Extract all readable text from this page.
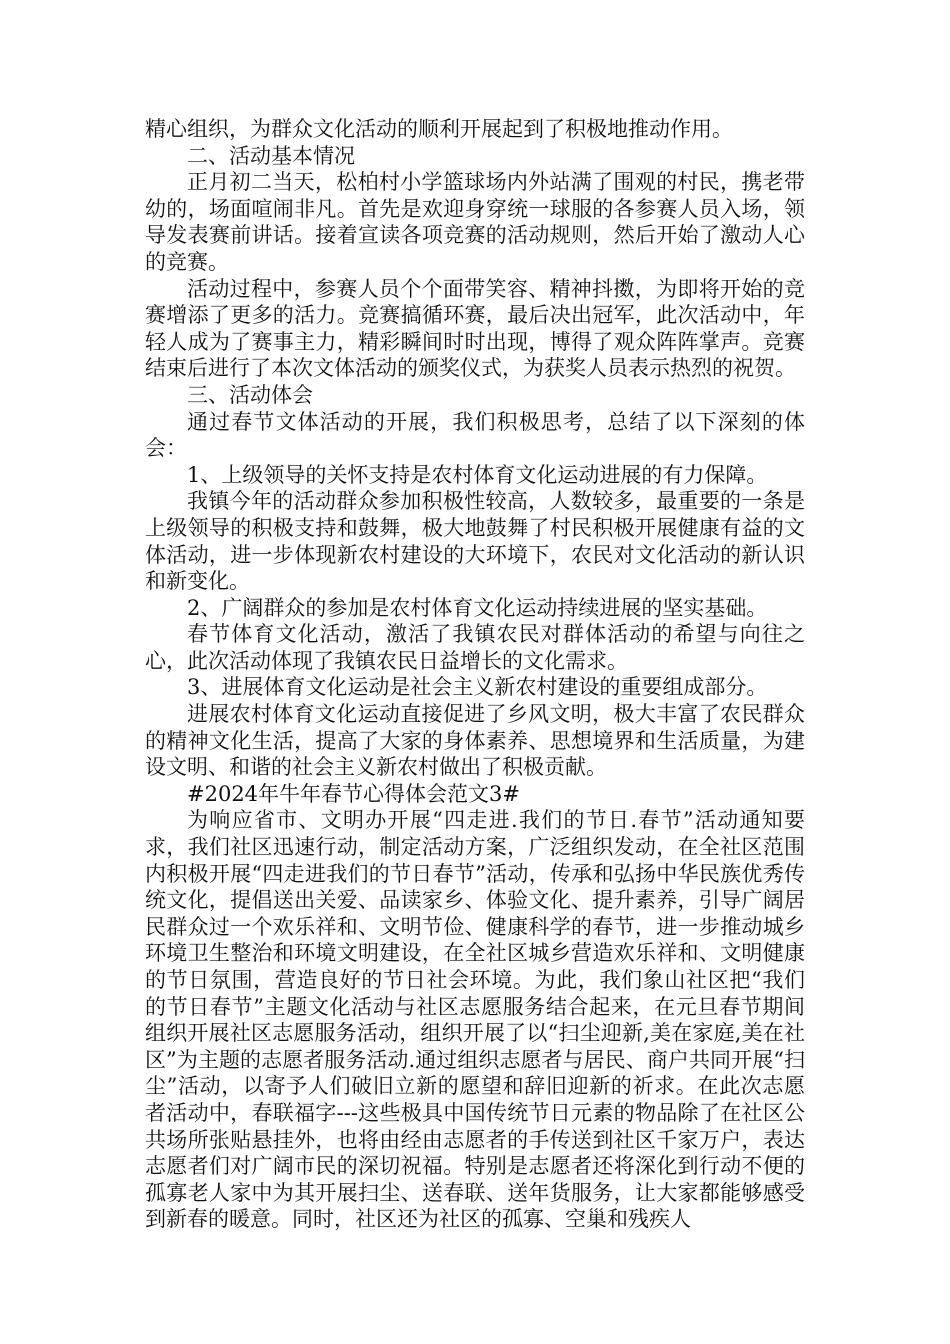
精心组织，为群众文化活动的顺利开展起到了积极地推动作用。

二、活动基本情况

正月初二当天，松柏村小学篮球场内外站满了围观的村民，携老带幼的，场面喧闹非凡。首先是欢迎身穿统一球服的各参赛人员入场，领导发表赛前讲话。接着宣读各项竞赛的活动规则，然后开始了激动人心的竞赛。

活动过程中，参赛人员个个面带笑容、精神抖擞，为即将开始的竞赛增添了更多的活力。竞赛搞循环赛，最后决出冠军，此次活动中，年轻人成为了赛事主力，精彩瞬间时时出现，博得了观众阵阵掌声。竞赛结束后进行了本次文体活动的颁奖仪式，为获奖人员表示热烈的祝贺。

三、活动体会

通过春节文体活动的开展，我们积极思考，总结了以下深刻的体会：

1、上级领导的关怀支持是农村体育文化运动进展的有力保障。

我镇今年的活动群众参加积极性较高，人数较多，最重要的一条是上级领导的积极支持和鼓舞，极大地鼓舞了村民积极开展健康有益的文体活动，进一步体现新农村建设的大环境下，农民对文化活动的新认识和新变化。

2、广阔群众的参加是农村体育文化运动持续进展的坚实基础。

春节体育文化活动，激活了我镇农民对群体活动的希望与向往之心，此次活动体现了我镇农民日益增长的文化需求。

3、进展体育文化运动是社会主义新农村建设的重要组成部分。

进展农村体育文化运动直接促进了乡风文明，极大丰富了农民群众的精神文化生活，提高了大家的身体素养、思想境界和生活质量，为建设文明、和谐的社会主义新农村做出了积极贡献。

#2024年牛年春节心得体会范文3#

为响应省市、文明办开展“四走进.我们的节日.春节”活动通知要求，我们社区迅速行动，制定活动方案，广泛组织发动，在全社区范围内积极开展“四走进我们的节日春节”活动，传承和弘扬中华民族优秀传统文化，提倡送出关爱、品读家乡、体验文化、提升素养，引导广阔居民群众过一个欢乐祥和、文明节俭、健康科学的春节，进一步推动城乡环境卫生整治和环境文明建设，在全社区城乡营造欢乐祥和、文明健康的节日氛围，营造良好的节日社会环境。为此，我们象山社区把“我们的节日春节”主题文化活动与社区志愿服务结合起来，在元旦春节期间组织开展社区志愿服务活动，组织开展了以“扫尘迎新,美在家庭,美在社区”为主题的志愿者服务活动.通过组织志愿者与居民、商户共同开展“扫尘”活动，以寄予人们破旧立新的愿望和辞旧迎新的祈求。在此次志愿者活动中，春联福字---这些极具中国传统节日元素的物品除了在社区公共场所张贴悬挂外，也将由经由志愿者的手传送到社区千家万户，表达志愿者们对广阔市民的深切祝福。特别是志愿者还将深化到行动不便的孤寡老人家中为其开展扫尘、送春联、送年货服务，让大家都能够感受到新春的暖意。同时，社区还为社区的孤寡、空巢和残疾人
